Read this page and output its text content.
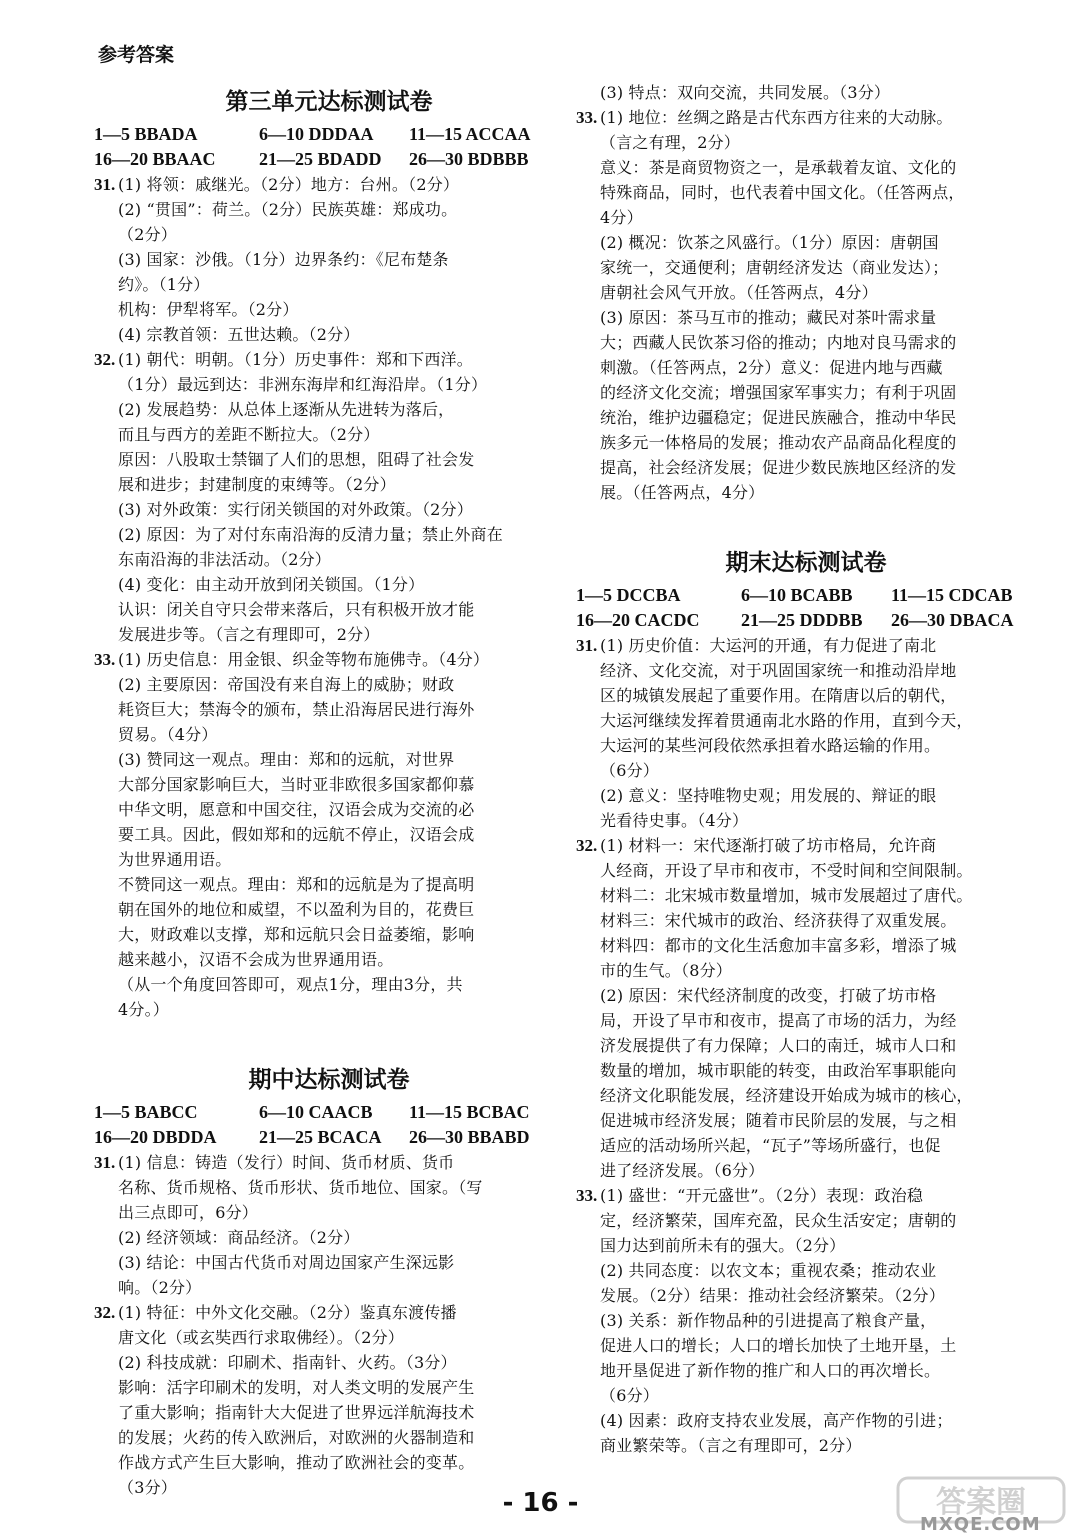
参考答案
第三单元达标测试卷
1—5 BBADA	6—10 DDDAA	11—15 ACCAA
16—20 BBAAC	21—25 BDADD	26—30 BDBBB
31. (1) 将领：戚继光。（2分）地方：台州。（2分）

(2) “贯国”：荷兰。（2分）民族英雄：郑成功。

（2分）

(3) 国家：沙俄。（1分）边界条约：《尼布楚条

约》。（1分）

机构：伊犁将军。（2分）

(4) 宗教首领：五世达赖。（2分）

32. (1) 朝代：明朝。（1分）历史事件：郑和下西洋。

（1分）最远到达：非洲东海岸和红海沿岸。（1分）

(2) 发展趋势：从总体上逐渐从先进转为落后，

而且与西方的差距不断拉大。（2分）

原因：八股取士禁锢了人们的思想，阻碍了社会发

展和进步；封建制度的束缚等。（2分）

(3) 对外政策：实行闭关锁国的对外政策。（2分）

(2) 原因：为了对付东南沿海的反清力量；禁止外商在

东南沿海的非法活动。（2分）

(4) 变化：由主动开放到闭关锁国。（1分）

认识：闭关自守只会带来落后，只有积极开放才能

发展进步等。（言之有理即可，2分）

33. (1) 历史信息：用金银、织金等物布施佛寺。（4分）

(2) 主要原因：帝国没有来自海上的威胁；财政

耗资巨大；禁海令的颁布，禁止沿海居民进行海外

贸易。（4分）

(3) 赞同这一观点。理由：郑和的远航，对世界

大部分国家影响巨大，当时亚非欧很多国家都仰慕

中华文明，愿意和中国交往，汉语会成为交流的必

要工具。因此，假如郑和的远航不停止，汉语会成

为世界通用语。

不赞同这一观点。理由：郑和的远航是为了提高明

朝在国外的地位和威望，不以盈利为目的，花费巨

大，财政难以支撑，郑和远航只会日益萎缩，影响

越来越小，汉语不会成为世界通用语。

（从一个角度回答即可，观点1分，理由3分，共

4分。）

期中达标测试卷
1—5 BABCC	6—10 CAACB	11—15 BCBAC
16—20 DBDDA	21—25 BCACA	26—30 BBABD
31. (1) 信息：铸造（发行）时间、货币材质、货币

名称、货币规格、货币形状、货币地位、国家。（写

出三点即可，6分）

(2) 经济领域：商品经济。（2分）

(3) 结论：中国古代货币对周边国家产生深远影

响。（2分）

32. (1) 特征：中外文化交融。（2分）鉴真东渡传播

唐文化（或玄奘西行求取佛经）。（2分）

(2) 科技成就：印刷术、指南针、火药。（3分）

影响：活字印刷术的发明，对人类文明的发展产生

了重大影响；指南针大大促进了世界远洋航海技术

的发展；火药的传入欧洲后，对欧洲的火器制造和

作战方式产生巨大影响，推动了欧洲社会的变革。

（3分）

(3) 特点：双向交流，共同发展。（3分）

33. (1) 地位：丝绸之路是古代东西方往来的大动脉。

（言之有理，2分）

意义：茶是商贸物资之一，是承载着友谊、文化的

特殊商品，同时，也代表着中国文化。（任答两点，

4分）

(2) 概况：饮茶之风盛行。（1分）原因：唐朝国

家统一，交通便利；唐朝经济发达（商业发达）；

唐朝社会风气开放。（任答两点，4分）

(3) 原因：茶马互市的推动；藏民对茶叶需求量

大；西藏人民饮茶习俗的推动；内地对良马需求的

刺激。（任答两点，2分）意义：促进内地与西藏

的经济文化交流；增强国家军事实力；有利于巩固

统治，维护边疆稳定；促进民族融合，推动中华民

族多元一体格局的发展；推动农产品商品化程度的

提高，社会经济发展；促进少数民族地区经济的发

展。（任答两点，4分）

期末达标测试卷
1—5 DCCBA	6—10 BCABB	11—15 CDCAB
16—20 CACDC	21—25 DDDBB	26—30 DBACA
31. (1) 历史价值：大运河的开通，有力促进了南北

经济、文化交流，对于巩固国家统一和推动沿岸地

区的城镇发展起了重要作用。在隋唐以后的朝代，

大运河继续发挥着贯通南北水路的作用，直到今天，

大运河的某些河段依然承担着水路运输的作用。

（6分）

(2) 意义：坚持唯物史观；用发展的、辩证的眼

光看待史事。（4分）

32. (1) 材料一：宋代逐渐打破了坊市格局，允许商

人经商，开设了早市和夜市，不受时间和空间限制。

材料二：北宋城市数量增加，城市发展超过了唐代。

材料三：宋代城市的政治、经济获得了双重发展。

材料四：都市的文化生活愈加丰富多彩，增添了城

市的生气。（8分）

(2) 原因：宋代经济制度的改变，打破了坊市格

局，开设了早市和夜市，提高了市场的活力，为经

济发展提供了有力保障；人口的南迁，城市人口和

数量的增加，城市职能的转变，由政治军事职能向

经济文化职能发展，经济建设开始成为城市的核心，

促进城市经济发展；随着市民阶层的发展，与之相

适应的活动场所兴起，“瓦子”等场所盛行，也促

进了经济发展。（6分）

33. (1) 盛世：“开元盛世”。（2分）表现：政治稳

定，经济繁荣，国库充盈，民众生活安定；唐朝的

国力达到前所未有的强大。（2分）

(2) 共同态度：以农文本；重视农桑；推动农业

发展。（2分）结果：推动社会经济繁荣。（2分）

(3) 关系：新作物品种的引进提高了粮食产量，

促进人口的增长；人口的增长加快了土地开垦，土

地开垦促进了新作物的推广和人口的再次增长。

（6分）

(4) 因素：政府支持农业发展，高产作物的引进；

商业繁荣等。（言之有理即可，2分）

- 16 -	答案圈
MXQE.COM
